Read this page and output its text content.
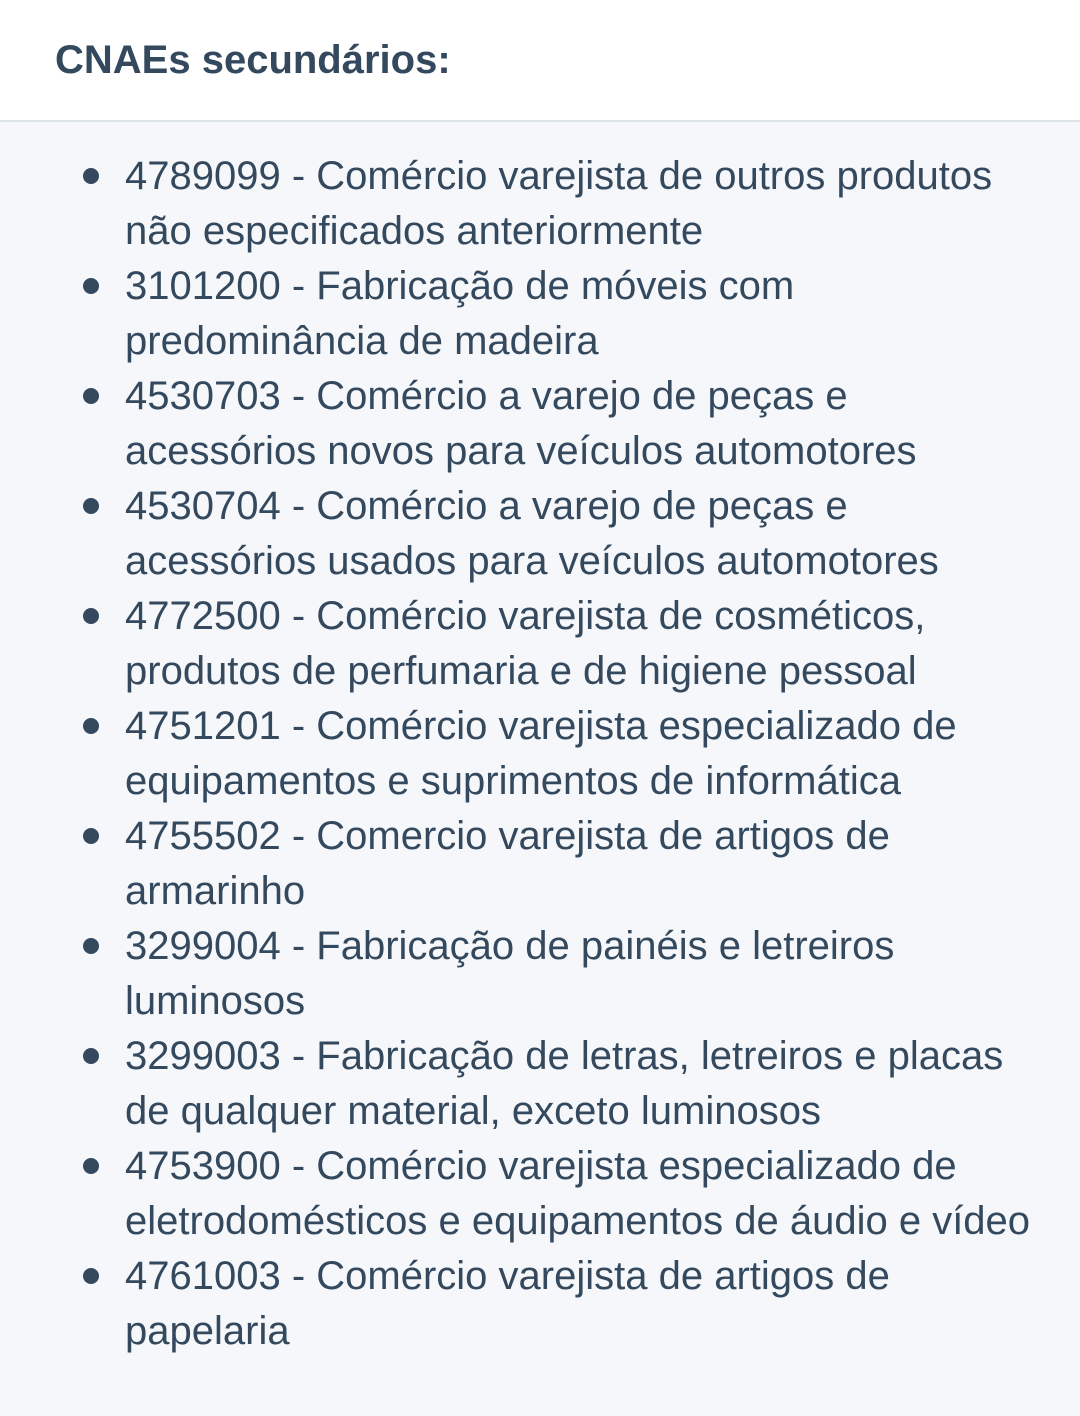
CNAEs secundários:
4789099 - Comércio varejista de outros produtos não especificados anteriormente
3101200 - Fabricação de móveis com predominância de madeira
4530703 - Comércio a varejo de peças e acessórios novos para veículos automotores
4530704 - Comércio a varejo de peças e acessórios usados para veículos automotores
4772500 - Comércio varejista de cosméticos, produtos de perfumaria e de higiene pessoal
4751201 - Comércio varejista especializado de equipamentos e suprimentos de informática
4755502 - Comercio varejista de artigos de armarinho
3299004 - Fabricação de painéis e letreiros luminosos
3299003 - Fabricação de letras, letreiros e placas de qualquer material, exceto luminosos
4753900 - Comércio varejista especializado de eletrodomésticos e equipamentos de áudio e vídeo
4761003 - Comércio varejista de artigos de papelaria
